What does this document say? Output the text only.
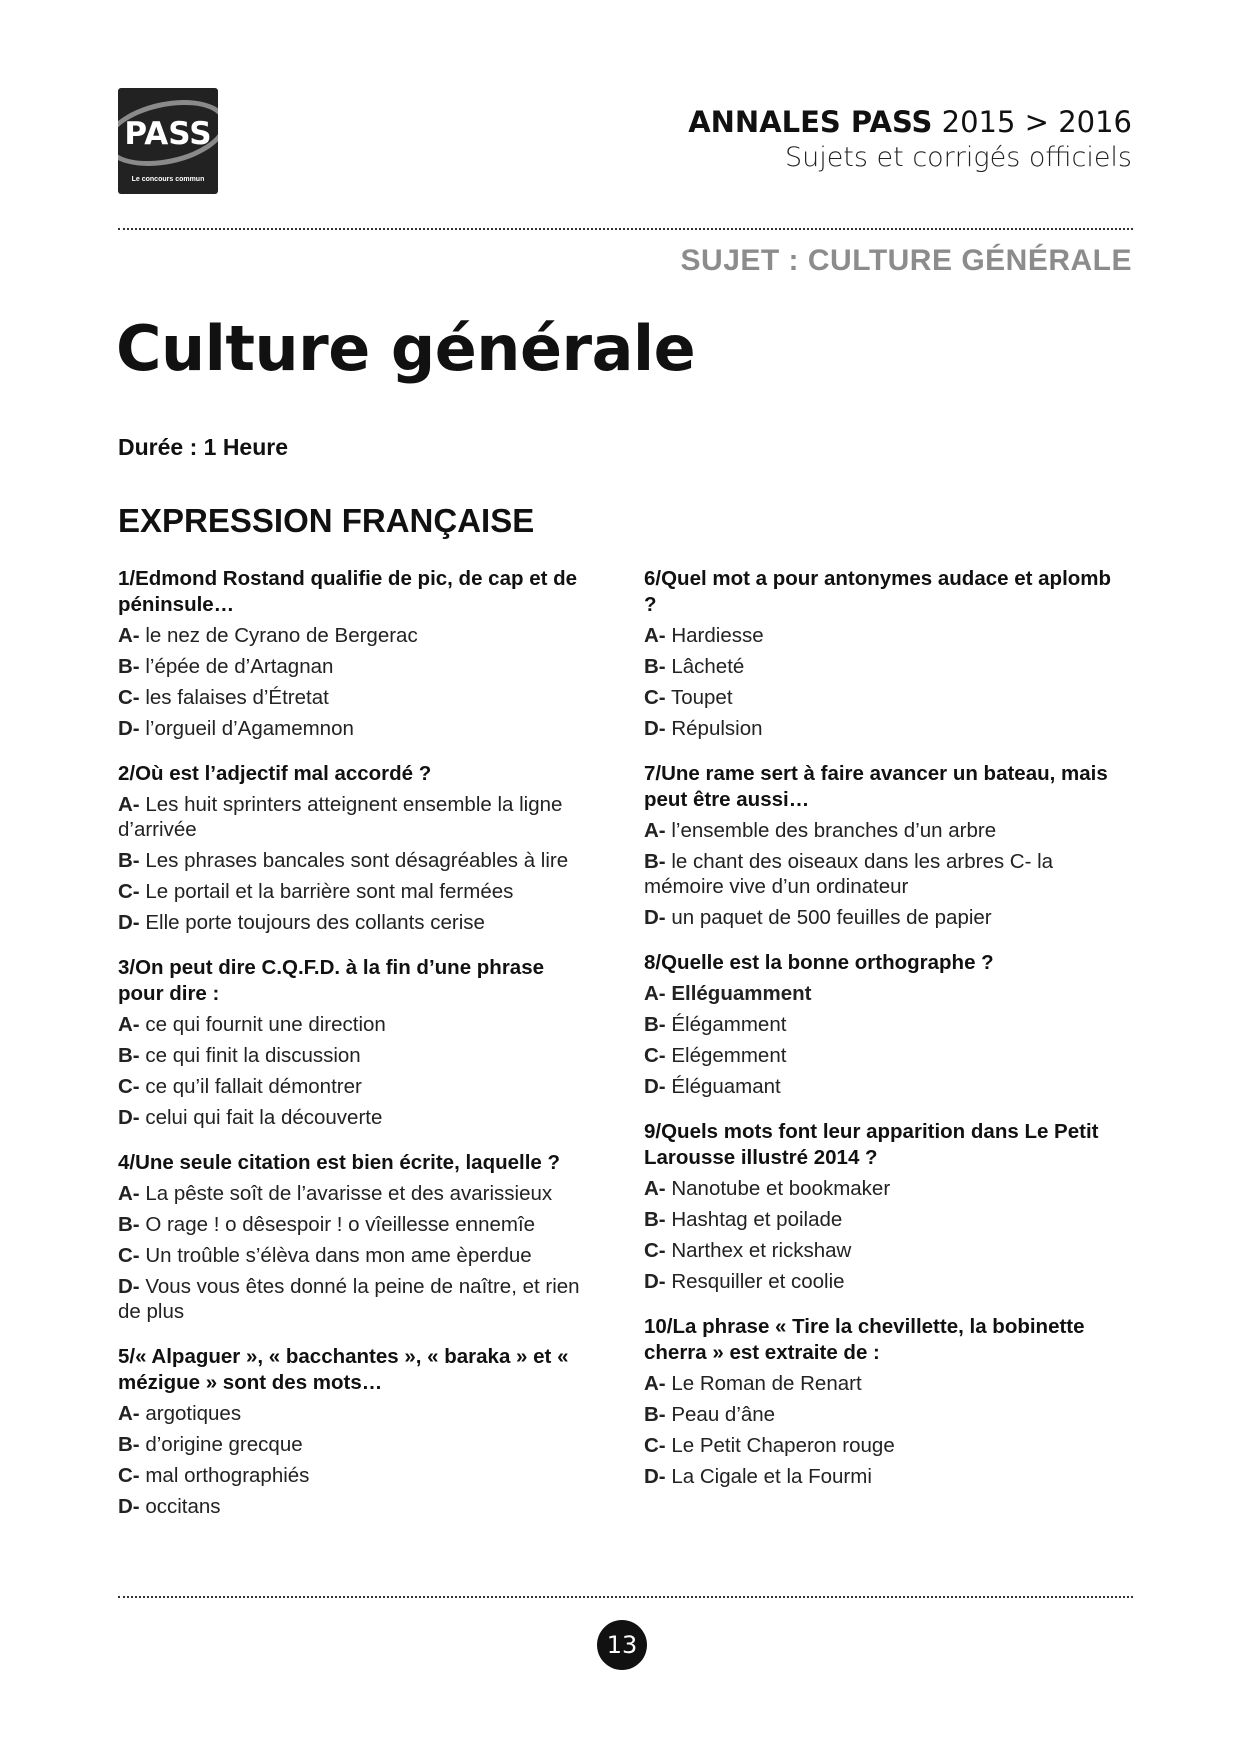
PASS
Le concours commun
ANNALES PASS 2015 > 2016
Sujets et corrigés officiels
SUJET : CULTURE GÉNÉRALE
Culture générale
Durée : 1 Heure
EXPRESSION FRANÇAISE
1/Edmond Rostand qualifie de pic, de cap et de péninsule…
A- le nez de Cyrano de Bergerac
B- l’épée de d’Artagnan
C- les falaises d’Étretat
D- l’orgueil d’Agamemnon
2/Où est l’adjectif mal accordé ?
A- Les huit sprinters atteignent ensemble la ligne d’arrivée
B- Les phrases bancales sont désagréables à lire
C- Le portail et la barrière sont mal fermées
D- Elle porte toujours des collants cerise
3/On peut dire C.Q.F.D. à la fin d’une phrase pour dire :
A- ce qui fournit une direction
B- ce qui finit la discussion
C- ce qu’il fallait démontrer
D- celui qui fait la découverte
4/Une seule citation est bien écrite, laquelle ?
A- La pêste soît de l’avarisse et des avarissieux
B- O rage ! o dêsespoir ! o vîeillesse ennemîe
C- Un troûble s’élèva dans mon ame èperdue
D- Vous vous êtes donné la peine de naître, et rien de plus
5/« Alpaguer », « bacchantes », « baraka » et « mézigue » sont des mots…
A- argotiques
B- d’origine grecque
C- mal orthographiés
D- occitans
6/Quel mot a pour antonymes audace et aplomb ?
A- Hardiesse
B- Lâcheté
C- Toupet
D- Répulsion
7/Une rame sert à faire avancer un bateau, mais peut être aussi…
A- l’ensemble des branches d’un arbre
B- le chant des oiseaux dans les arbres C- la mémoire vive d’un ordinateur
D- un paquet de 500 feuilles de papier
8/Quelle est la bonne orthographe ?
A- Elléguamment
B- Élégamment
C- Elégemment
D- Éléguamant
9/Quels mots font leur apparition dans Le Petit Larousse illustré 2014 ?
A- Nanotube et bookmaker
B- Hashtag et poilade
C- Narthex et rickshaw
D- Resquiller et coolie
10/La phrase « Tire la chevillette, la bobinette cherra » est extraite de :
A- Le Roman de Renart
B- Peau d’âne
C- Le Petit Chaperon rouge
D- La Cigale et la Fourmi
13
